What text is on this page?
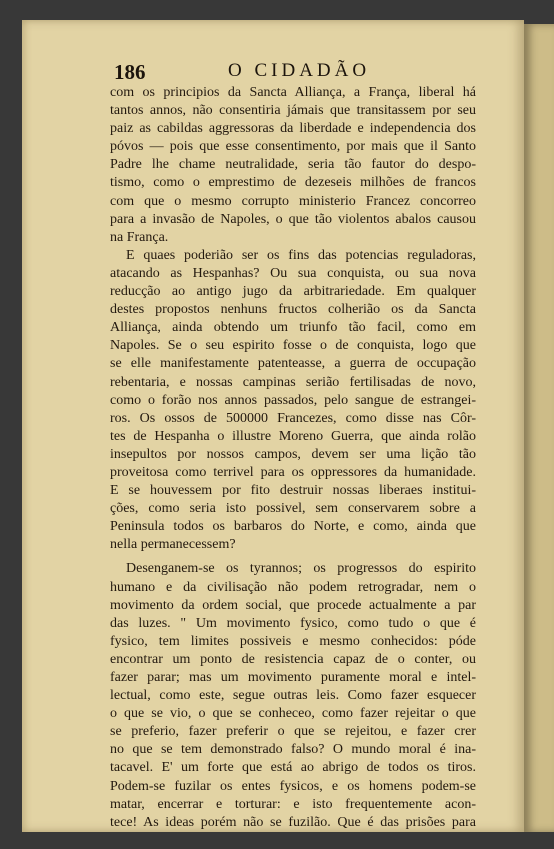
186	O CIDADÃO
com os principios da Sancta Alliança, a França, liberal há
tantos annos, não consentiria jámais que transitassem por seu
paiz as cabildas aggressoras da liberdade e independencia dos
póvos — pois que esse consentimento, por mais que il Santo
Padre lhe chame neutralidade, seria tão fautor do despo-
tismo, como o emprestimo de dezeseis milhões de francos
com que o mesmo corrupto ministerio Francez concorreo
para a invasão de Napoles, o que tão violentos abalos causou
na França.
E quaes poderião ser os fins das potencias reguladoras,
atacando as Hespanhas? Ou sua conquista, ou sua nova
reducção ao antigo jugo da arbitrariedade. Em qualquer
destes propostos nenhuns fructos colherião os da Sancta
Alliança, ainda obtendo um triunfo tão facil, como em
Napoles. Se o seu espirito fosse o de conquista, logo que
se elle manifestamente patenteasse, a guerra de occupação
rebentaria, e nossas campinas serião fertilisadas de novo,
como o forão nos annos passados, pelo sangue de estrangei-
ros. Os ossos de 500000 Francezes, como disse nas Côr-
tes de Hespanha o illustre Moreno Guerra, que ainda rolão
insepultos por nossos campos, devem ser uma lição tão
proveitosa como terrivel para os oppressores da humanidade.
E se houvessem por fito destruir nossas liberaes institui-
ções, como seria isto possivel, sem conservarem sobre a
Peninsula todos os barbaros do Norte, e como, ainda que
nella permanecessem?
Desenganem-se os tyrannos; os progressos do espirito
humano e da civilisação não podem retrogradar, nem o
movimento da ordem social, que procede actualmente a par
das luzes. " Um movimento fysico, como tudo o que é
fysico, tem limites possiveis e mesmo conhecidos: póde
encontrar um ponto de resistencia capaz de o conter, ou
fazer parar; mas um movimento puramente moral e intel-
lectual, como este, segue outras leis. Como fazer esquecer
o que se vio, o que se conheceo, como fazer rejeitar o que
se preferio, fazer preferir o que se rejeitou, e fazer crer
no que se tem demonstrado falso? O mundo moral é ina-
tacavel. E' um forte que está ao abrigo de todos os tiros.
Podem-se fuzilar os entes fysicos, e os homens podem-se
matar, encerrar e torturar: e isto frequentemente acon-
tece! As ideas porém não se fuzilão. Que é das prisões para
